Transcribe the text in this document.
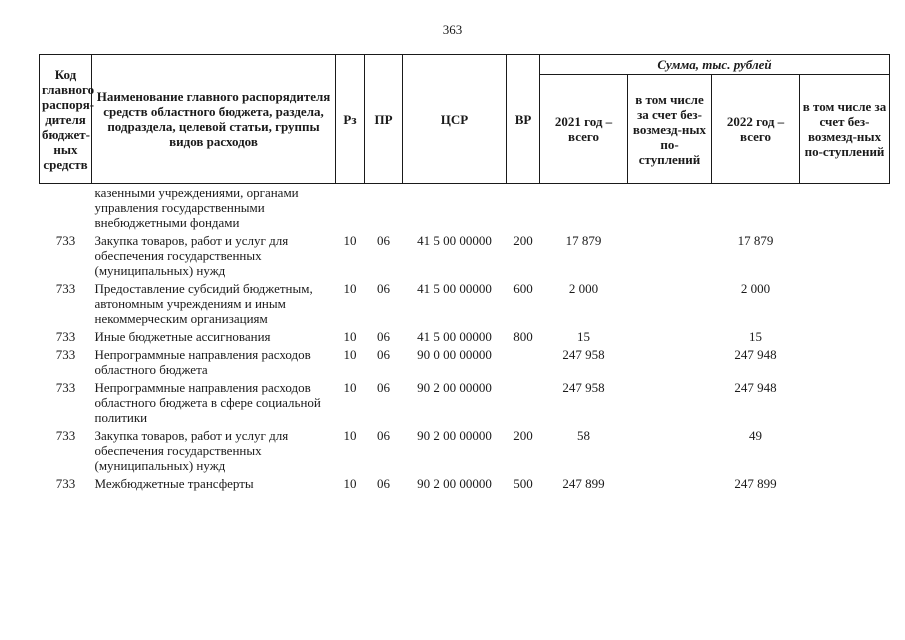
363
Код главного распоря-дителя бюджет-ных средств	Наименование главного распорядителя средств областного бюджета, раздела, подраздела, целевой статьи, группы видов расходов	Рз	ПР	ЦСР	ВР	Сумма, тыс. рублей			
						2021 год – всего	в том числе за счет без-возмезд-ных по-ступлений	2022 год – всего	в том числе за счет без-возмезд-ных по-ступлений
	казенными учреждениями, органами управления государственными внебюджетными фондами								
733	Закупка товаров, работ и услуг для обеспечения государственных (муниципальных) нужд	10	06	41 5 00 00000	200	17 879		17 879	
733	Предоставление субсидий бюджетным, автономным учреждениям и иным некоммерческим организациям	10	06	41 5 00 00000	600	2 000		2 000	
733	Иные бюджетные ассигнования	10	06	41 5 00 00000	800	15		15	
733	Непрограммные направления расходов областного бюджета	10	06	90 0 00 00000		247 958		247 948	
733	Непрограммные направления расходов областного бюджета в сфере социальной политики	10	06	90 2 00 00000		247 958		247 948	
733	Закупка товаров, работ и услуг для обеспечения государственных (муниципальных) нужд	10	06	90 2 00 00000	200	58		49	
733	Межбюджетные трансферты	10	06	90 2 00 00000	500	247 899		247 899	
